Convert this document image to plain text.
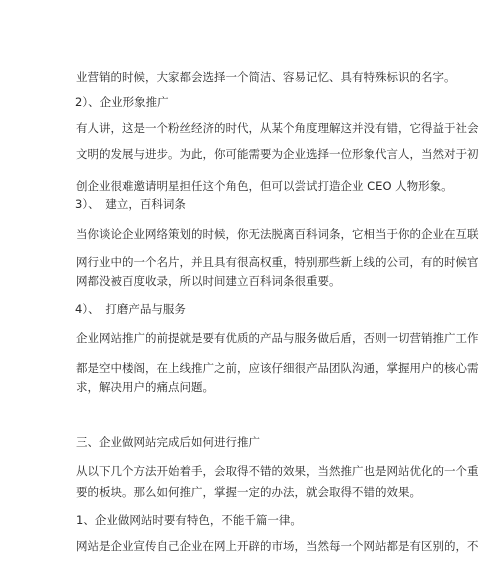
业营销的时候，大家都会选择一个简洁、容易记忆、具有特殊标识的名字。
2）、企业形象推广
有人讲，这是一个粉丝经济的时代，从某个角度理解这并没有错，它得益于社会
文明的发展与进步。为此，你可能需要为企业选择一位形象代言人，当然对于初
创企业很难邀请明星担任这个角色，但可以尝试打造企业 CEO 人物形象。
3）、　建立，百科词条
当你谈论企业网络策划的时候，你无法脱离百科词条，它相当于你的企业在互联
网行业中的一个名片，并且具有很高权重，特别那些新上线的公司，有的时候官
网都没被百度收录，所以时间建立百科词条很重要。
4）、　打磨产品与服务
企业网站推广的前提就是要有优质的产品与服务做后盾，否则一切营销推广工作
都是空中楼阁，在上线推广之前，应该仔细很产品团队沟通，掌握用户的核心需
求，解决用户的痛点问题。
三、企业做网站完成后如何进行推广
从以下几个方法开始着手，会取得不错的效果，当然推广也是网站优化的一个重
要的板块。那么如何推广，掌握一定的办法，就会取得不错的效果。
1、企业做网站时要有特色，不能千篇一律。
网站是企业宣传自己企业在网上开辟的市场，当然每一个网站都是有区别的，不
